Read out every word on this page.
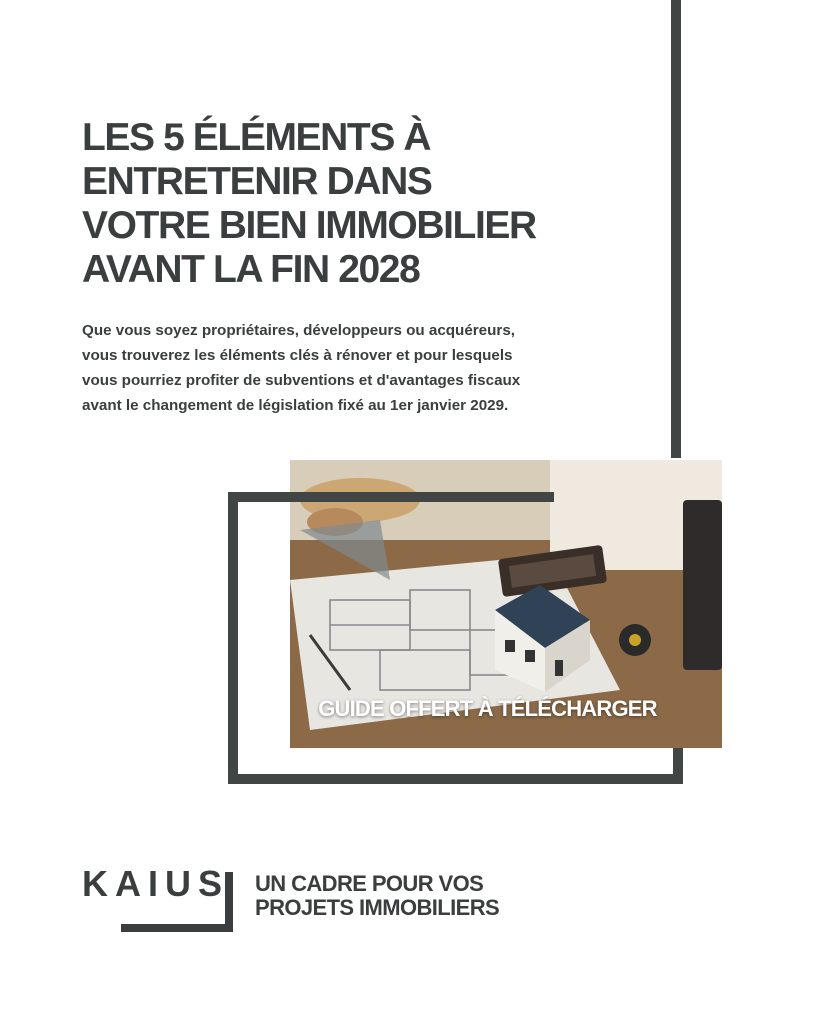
LES 5 ÉLÉMENTS À
ENTRETENIR DANS
VOTRE BIEN IMMOBILIER
AVANT LA FIN 2028

Que vous soyez propriétaires, développeurs ou acquéreurs,
vous trouverez les éléments clés à rénover et pour lesquels
vous pourriez profiter de subventions et d'avantages fiscaux
avant le changement de législation fixé au 1er janvier 2029.

GUIDE OFFERT À TÉLÉCHARGER
KAIUS UN CADRE POUR VOS
PROJETS IMMOBILIERS
